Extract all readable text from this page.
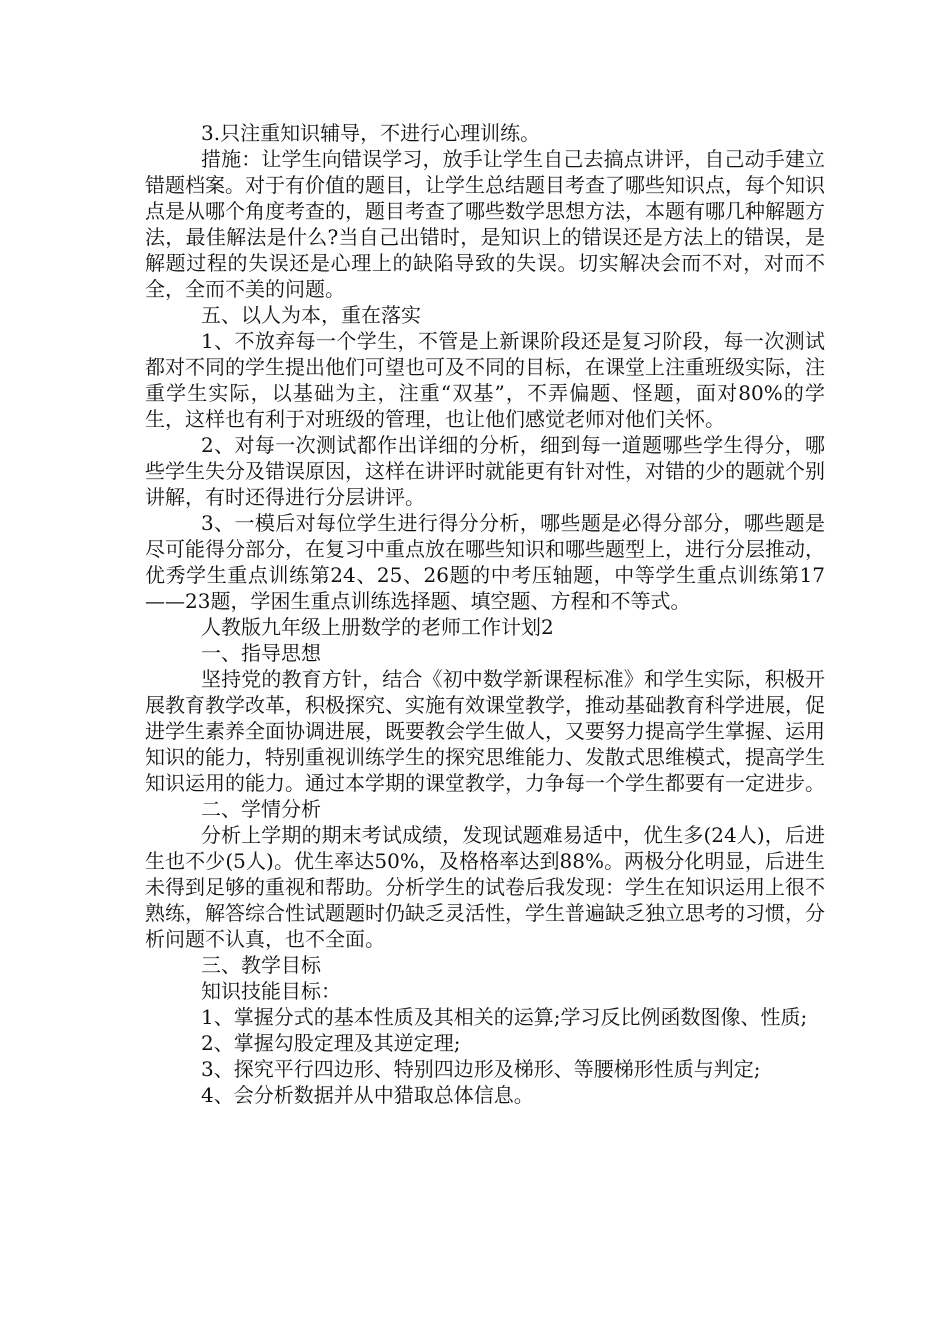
3.只注重知识辅导，不进行心理训练。

措施：让学生向错误学习，放手让学生自己去搞点讲评，自己动手建立错题档案。对于有价值的题目，让学生总结题目考查了哪些知识点，每个知识点是从哪个角度考查的，题目考查了哪些数学思想方法，本题有哪几种解题方法，最佳解法是什么?当自己出错时，是知识上的错误还是方法上的错误，是解题过程的失误还是心理上的缺陷导致的失误。切实解决会而不对，对而不全，全而不美的问题。

五、以人为本，重在落实

1、不放弃每一个学生，不管是上新课阶段还是复习阶段，每一次测试都对不同的学生提出他们可望也可及不同的目标，在课堂上注重班级实际，注重学生实际，以基础为主，注重“双基”，不弄偏题、怪题，面对80%的学生，这样也有利于对班级的管理，也让他们感觉老师对他们关怀。

2、对每一次测试都作出详细的分析，细到每一道题哪些学生得分，哪些学生失分及错误原因，这样在讲评时就能更有针对性，对错的少的题就个别讲解，有时还得进行分层讲评。

3、一模后对每位学生进行得分分析，哪些题是必得分部分，哪些题是尽可能得分部分，在复习中重点放在哪些知识和哪些题型上，进行分层推动，优秀学生重点训练第24、25、26题的中考压轴题，中等学生重点训练第17——23题，学困生重点训练选择题、填空题、方程和不等式。

人教版九年级上册数学的老师工作计划2

一、指导思想

坚持党的教育方针，结合《初中数学新课程标准》和学生实际，积极开展教育教学改革，积极探究、实施有效课堂教学，推动基础教育科学进展，促进学生素养全面协调进展，既要教会学生做人，又要努力提高学生掌握、运用知识的能力，特别重视训练学生的探究思维能力、发散式思维模式，提高学生知识运用的能力。通过本学期的课堂教学，力争每一个学生都要有一定进步。

二、学情分析

分析上学期的期末考试成绩，发现试题难易适中，优生多(24人)，后进生也不少(5人)。优生率达50%，及格格率达到88%。两极分化明显，后进生未得到足够的重视和帮助。分析学生的试卷后我发现：学生在知识运用上很不熟练，解答综合性试题题时仍缺乏灵活性，学生普遍缺乏独立思考的习惯，分析问题不认真，也不全面。

三、教学目标

知识技能目标：

1、掌握分式的基本性质及其相关的运算;学习反比例函数图像、性质;

2、掌握勾股定理及其逆定理;

3、探究平行四边形、特别四边形及梯形、等腰梯形性质与判定;

4、会分析数据并从中猎取总体信息。
